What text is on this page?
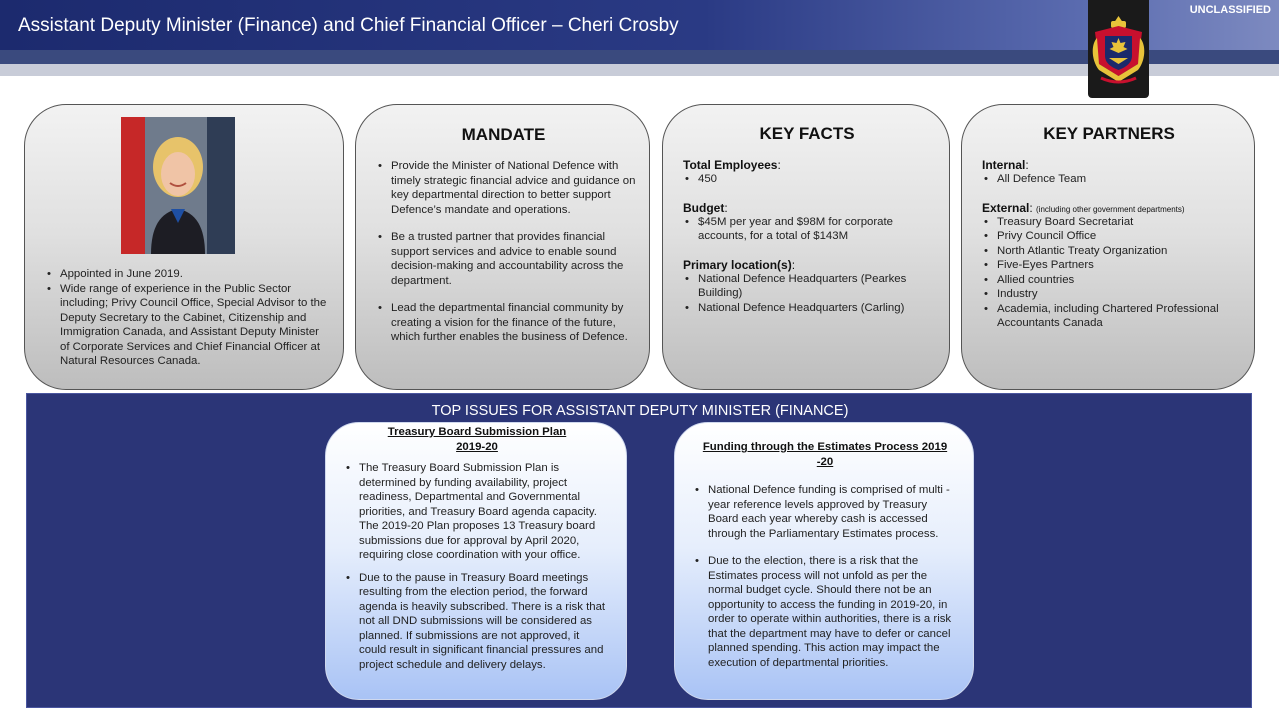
Assistant Deputy Minister (Finance) and Chief Financial Officer – Cheri Crosby
UNCLASSIFIED
• Appointed in June 2019.
• Wide range of experience in the Public Sector including; Privy Council Office, Special Advisor to the Deputy Secretary to the Cabinet, Citizenship and Immigration Canada, and Assistant Deputy Minister of Corporate Services and Chief Financial Officer at Natural Resources Canada.
MANDATE
• Provide the Minister of National Defence with timely strategic financial advice and guidance on key departmental direction to better support Defence’s mandate and operations.
• Be a trusted partner that provides financial support services and advice to enable sound decision-making and accountability across the department.
• Lead the departmental financial community by creating a vision for the finance of the future, which further enables the business of Defence.
KEY FACTS
Total Employees:
• 450
Budget:
• $45M per year and $98M for corporate accounts, for a total of $143M
Primary location(s):
• National Defence Headquarters (Pearkes Building)
• National Defence Headquarters (Carling)
KEY PARTNERS
Internal:
• All Defence Team
External: (including other government departments)
• Treasury Board Secretariat
• Privy Council Office
• North Atlantic Treaty Organization
• Five-Eyes Partners
• Allied countries
• Industry
• Academia, including Chartered Professional Accountants Canada
TOP ISSUES FOR ASSISTANT DEPUTY MINISTER (FINANCE)
Treasury Board Submission Plan
2019-20
• The Treasury Board Submission Plan is determined by funding availability, project readiness, Departmental and Governmental priorities, and Treasury Board agenda capacity. The 2019-20 Plan proposes 13 Treasury board submissions due for approval by April 2020, requiring close coordination with your office.
• Due to the pause in Treasury Board meetings resulting from the election period, the forward agenda is heavily subscribed. There is a risk that not all DND submissions will be considered as planned. If submissions are not approved, it could result in significant financial pressures and project schedule and delivery delays.
Funding through the Estimates Process 2019
-20
• National Defence funding is comprised of multi -year reference levels approved by Treasury Board each year whereby cash is accessed through the Parliamentary Estimates process.
• Due to the election, there is a risk that the Estimates process will not unfold as per the normal budget cycle. Should there not be an opportunity to access the funding in 2019-20, in order to operate within authorities, there is a risk that the department may have to defer or cancel planned spending. This action may impact the execution of departmental priorities.
